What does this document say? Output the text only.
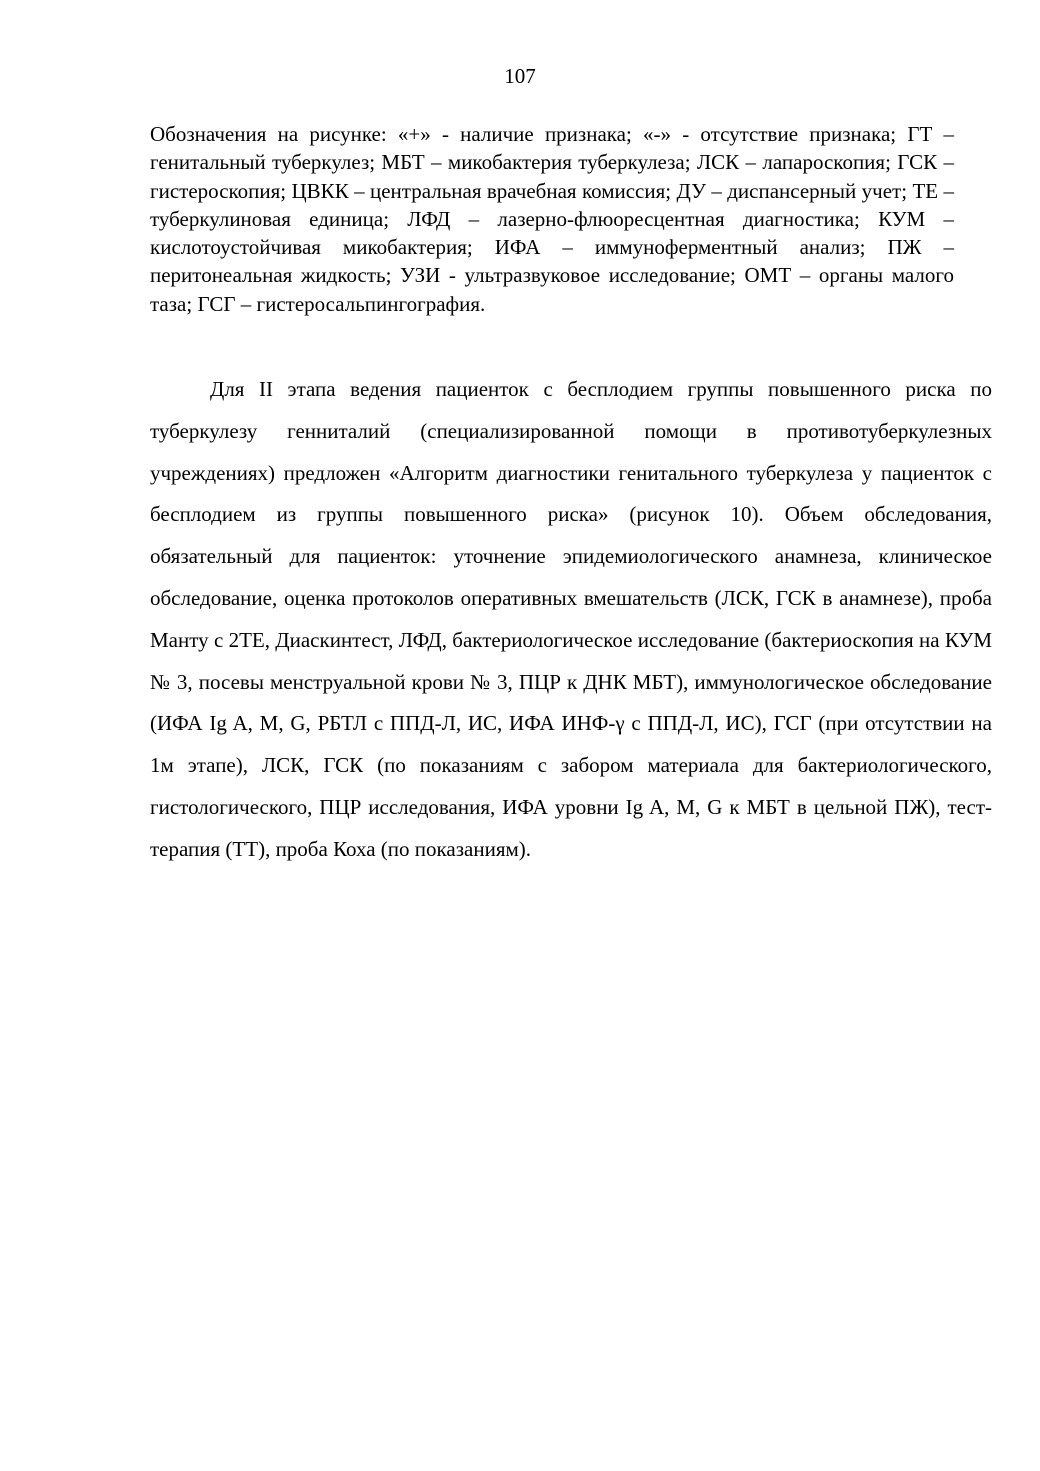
107

Обозначения на рисунке: «+» - наличие признака; «-» - отсутствие признака; ГТ – генитальный туберкулез; МБТ – микобактерия туберкулеза; ЛСК – лапароскопия; ГСК – гистероскопия; ЦВКК – центральная врачебная комиссия; ДУ – диспансерный учет; ТЕ – туберкулиновая единица; ЛФД – лазерно-флюоресцентная диагностика; КУМ – кислотоустойчивая микобактерия; ИФА – иммуноферментный анализ; ПЖ – перитонеальная жидкость; УЗИ - ультразвуковое исследование; ОМТ – органы малого таза; ГСГ – гистеросальпингография.

Для II этапа ведения пациенток с бесплодием группы повышенного риска по туберкулезу генниталий (специализированной помощи в противотуберкулезных учреждениях) предложен «Алгоритм диагностики генитального туберкулеза у пациенток с бесплодием из группы повышенного риска» (рисунок 10). Объем обследования, обязательный для пациенток: уточнение эпидемиологического анамнеза, клиническое обследование, оценка протоколов оперативных вмешательств (ЛСК, ГСК в анамнезе), проба Манту с 2ТЕ, Диаскинтест, ЛФД, бактериологическое исследование (бактериоскопия на КУМ № 3, посевы менструальной крови № 3, ПЦР к ДНК МБТ), иммунологическое обследование (ИФА Ig A, M, G, РБТЛ с ППД-Л, ИС, ИФА ИНФ-γ с ППД-Л, ИС), ГСГ (при отсутствии на 1м этапе), ЛСК, ГСК (по показаниям с забором материала для бактериологического, гистологического, ПЦР исследования, ИФА уровни Ig A, M, G к МБТ в цельной ПЖ), тест-терапия (ТТ), проба Коха (по показаниям).
